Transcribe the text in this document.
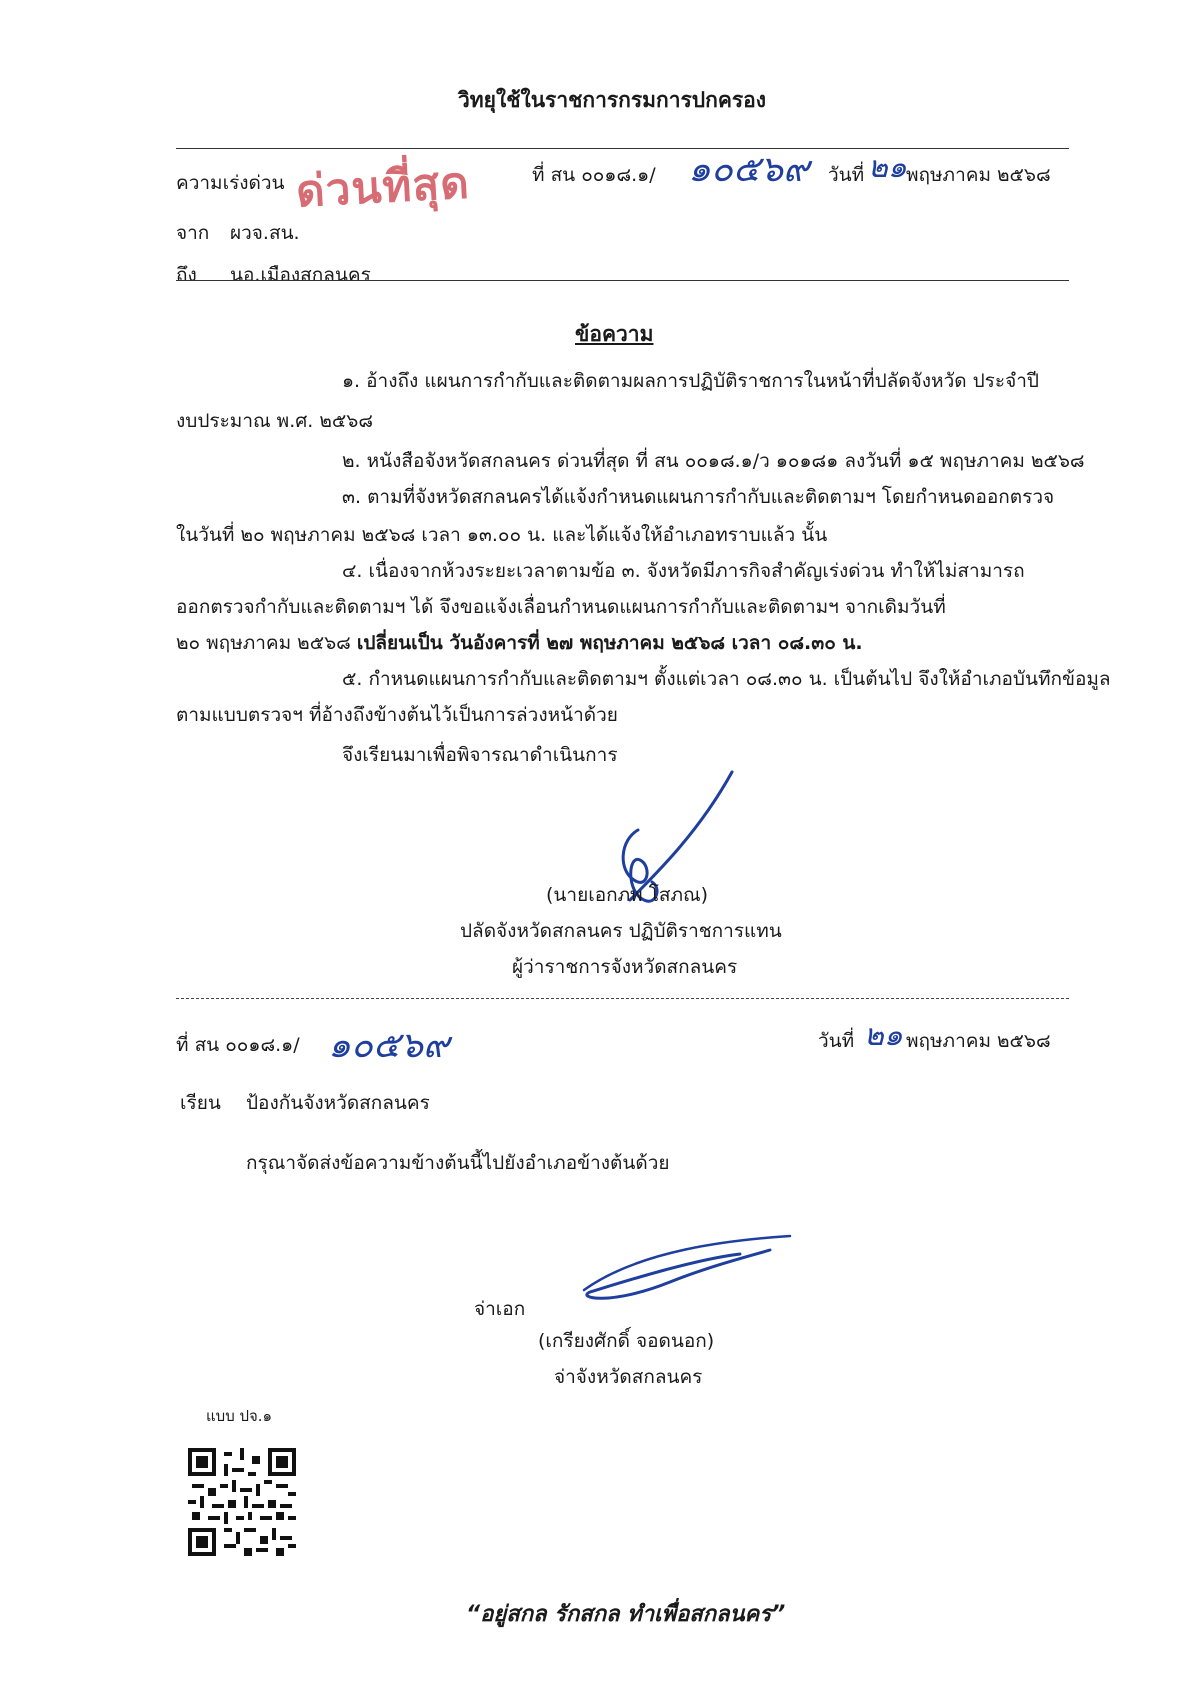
วิทยุใช้ในราชการกรมการปกครอง
ความเร่งด่วน ด่วนที่สุด	ที่ สน ๐๐๑๘.๑/ ๑๐๕๖๙ วันที่ ๒๑ พฤษภาคม ๒๕๖๘
จาก ผวจ.สน.
ถึง นอ.เมืองสกลนคร
ข้อความ
๑. อ้างถึง แผนการกำกับและติดตามผลการปฏิบัติราชการในหน้าที่ปลัดจังหวัด ประจำปี
งบประมาณ พ.ศ. ๒๕๖๘
๒. หนังสือจังหวัดสกลนคร ด่วนที่สุด ที่ สน ๐๐๑๘.๑/ว ๑๐๑๘๑ ลงวันที่ ๑๕ พฤษภาคม ๒๕๖๘
๓. ตามที่จังหวัดสกลนครได้แจ้งกำหนดแผนการกำกับและติดตามฯ โดยกำหนดออกตรวจ
ในวันที่ ๒๐ พฤษภาคม ๒๕๖๘ เวลา ๑๓.๐๐ น. และได้แจ้งให้อำเภอทราบแล้ว นั้น
๔. เนื่องจากห้วงระยะเวลาตามข้อ ๓. จังหวัดมีภารกิจสำคัญเร่งด่วน ทำให้ไม่สามารถ
ออกตรวจกำกับและติดตามฯ ได้ จึงขอแจ้งเลื่อนกำหนดแผนการกำกับและติดตามฯ จากเดิมวันที่
๒๐ พฤษภาคม ๒๕๖๘ เปลี่ยนเป็น วันอังคารที่ ๒๗ พฤษภาคม ๒๕๖๘ เวลา ๐๘.๓๐ น.
๕. กำหนดแผนการกำกับและติดตามฯ ตั้งแต่เวลา ๐๘.๓๐ น. เป็นต้นไป จึงให้อำเภอบันทึกข้อมูล
ตามแบบตรวจฯ ที่อ้างถึงข้างต้นไว้เป็นการล่วงหน้าด้วย
จึงเรียนมาเพื่อพิจารณาดำเนินการ
(นายเอกภพ โสภณ)
ปลัดจังหวัดสกลนคร ปฏิบัติราชการแทน
ผู้ว่าราชการจังหวัดสกลนคร
ที่ สน ๐๐๑๘.๑/ ๑๐๕๖๙	วันที่ ๒๑ พฤษภาคม ๒๕๖๘
เรียน ป้องกันจังหวัดสกลนคร
กรุณาจัดส่งข้อความข้างต้นนี้ไปยังอำเภอข้างต้นด้วย
จ่าเอก
(เกรียงศักดิ์ จอดนอก)
จ่าจังหวัดสกลนคร
แบบ ปจ.๑
“อยู่สกล รักสกล ทำเพื่อสกลนคร”
